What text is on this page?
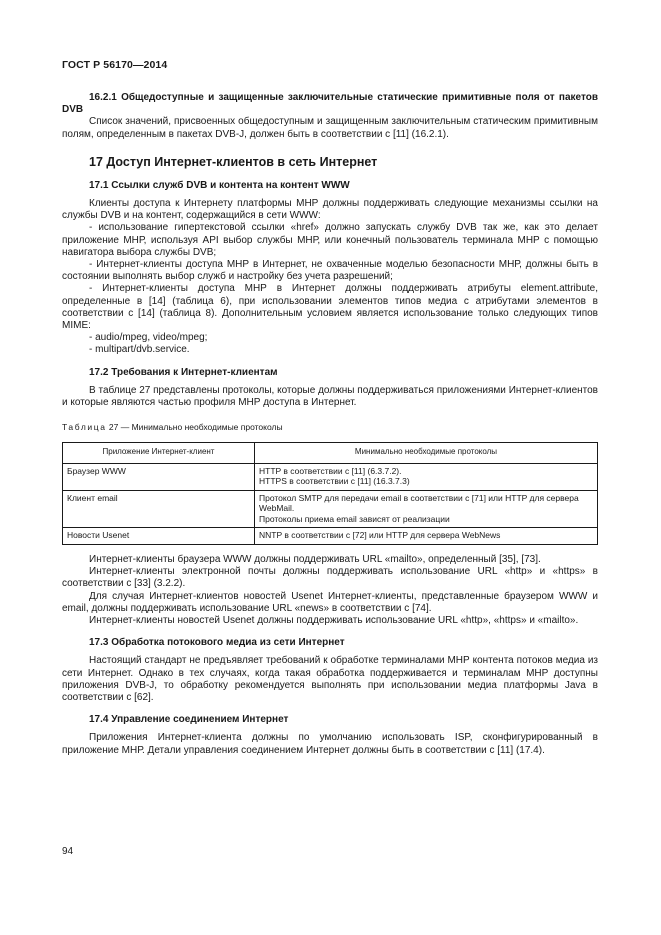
ГОСТ Р 56170—2014

16.2.1 Общедоступные и защищенные заключительные статические примитивные поля от пакетов DVB

Список значений, присвоенных общедоступным и защищенным заключительным статическим примитивным полям, определенным в пакетах DVB-J, должен быть в соответствии с [11] (16.2.1).

17 Доступ Интернет-клиентов в сеть Интернет

17.1 Ссылки служб DVB и контента на контент WWW

Клиенты доступа к Интернету платформы МНР должны поддерживать следующие механизмы ссылки на службы DVB и на контент, содержащийся в сети WWW:

- использование гипертекстовой ссылки «href» должно запускать службу DVB так же, как это делает приложение МНР, используя API выбор службы МНР, или конечный пользователь терминала МНР с помощью навигатора выбора службы DVB;

- Интернет-клиенты доступа МНР в Интернет, не охваченные моделью безопасности МНР, должны быть в состоянии выполнять выбор служб и настройку без учета разрешений;

- Интернет-клиенты доступа МНР в Интернет должны поддерживать атрибуты element.attribute, определенные в [14] (таблица 6), при использовании элементов типов медиа с атрибутами элементов в соответствии с [14] (таблица 8). Дополнительным условием является использование только следующих типов MIME:

- audio/mpeg, video/mpeg;

- multipart/dvb.service.

17.2 Требования к Интернет-клиентам

В таблице 27 представлены протоколы, которые должны поддерживаться приложениями Интернет-клиентов и которые являются частью профиля МНР доступа в Интернет.

Таблица 27 — Минимально необходимые протоколы
Приложение Интернет-клиент	Минимально необходимые протоколы
Браузер WWW	HTTP в соответствии с [11] (6.3.7.2).
HTTPS в соответствии с [11] (16.3.7.3)
Клиент email	Протокол SMTP для передачи email в соответствии с [71] или HTTP для сервера WebMail.
Протоколы приема email зависят от реализации
Новости Usenet	NNTP в соответствии с [72] или HTTP для сервера WebNews

Интернет-клиенты браузера WWW должны поддерживать URL «mailto», определенный [35], [73].

Интернет-клиенты электронной почты должны поддерживать использование URL «http» и «https» в соответствии с [33] (3.2.2).

Для случая Интернет-клиентов новостей Usenet Интернет-клиенты, представленные браузером WWW и email, должны поддерживать использование URL «news» в соответствии с [74].

Интернет-клиенты новостей Usenet должны поддерживать использование URL «http», «https» и «mailto».

17.3 Обработка потокового медиа из сети Интернет

Настоящий стандарт не предъявляет требований к обработке терминалами МНР контента потоков медиа из сети Интернет. Однако в тех случаях, когда такая обработка поддерживается и терминалам МНР доступны приложения DVB-J, то обработку рекомендуется выполнять при использовании медиа платформы Java в соответствии с [62].

17.4 Управление соединением Интернет

Приложения Интернет-клиента должны по умолчанию использовать ISP, сконфигурированный в приложение МНР. Детали управления соединением Интернет должны быть в соответствии с [11] (17.4).

94
